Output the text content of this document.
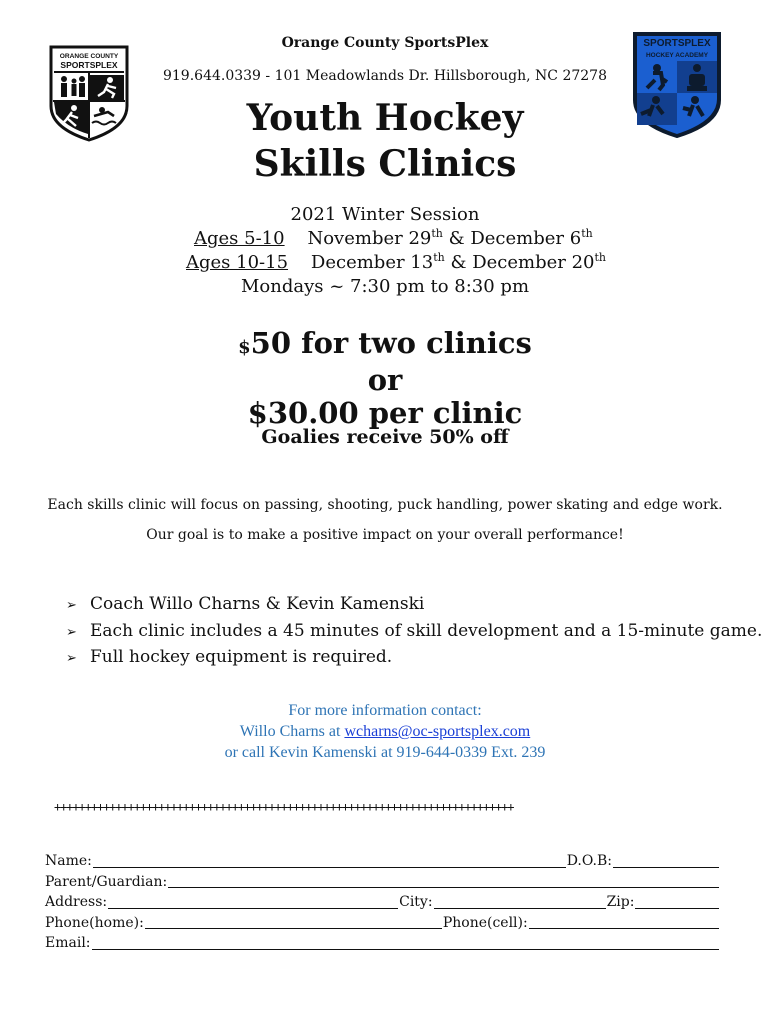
ORANGE COUNTY
SPORTSPLEX
SPORTSPLEX
HOCKEY ACADEMY
Orange County SportsPlex
919.644.0339 - 101 Meadowlands Dr. Hillsborough, NC 27278
Youth Hockey
Skills Clinics
2021 Winter Session
Ages 5-10 November 29th & December 6th
Ages 10-15 December 13th & December 20th
Mondays ~ 7:30 pm to 8:30 pm
$50 for two clinics
or
$30.00 per clinic
Goalies receive 50% off
Each skills clinic will focus on passing, shooting, puck handling, power skating and edge work.
Our goal is to make a positive impact on your overall performance!
➢ Coach Willo Charns & Kevin Kamenski
➢ Each clinic includes a 45 minutes of skill development and a 15-minute game.
➢ Full hockey equipment is required.
For more information contact:
Willo Charns at wcharns@oc-sportsplex.com
or call Kevin Kamenski at 919-644-0339 Ext. 239
+++++++++++++++++++++++++++++++++++++++++++++++++++++++++++++++++++++++++++
Name:	D.O.B:
Parent/Guardian:
Address:	City:	Zip:
Phone(home):	Phone(cell):
Email:
